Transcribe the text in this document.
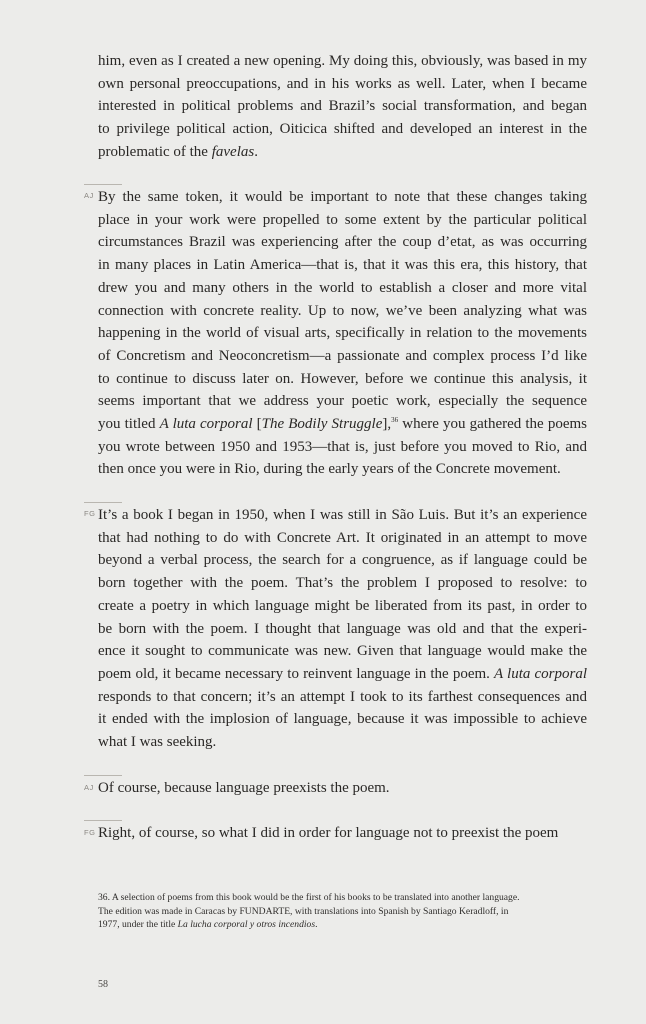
him, even as I created a new opening. My doing this, obviously, was based in my
own personal preoccupations, and in his works as well. Later, when I became
interested in political problems and Brazil’s social transformation, and began
to privilege political action, Oiticica shifted and developed an interest in the
problematic of the favelas.
AJ By the same token, it would be important to note that these changes taking
place in your work were propelled to some extent by the particular political
circumstances Brazil was experiencing after the coup d’etat, as was occurring
in many places in Latin America—that is, that it was this era, this history, that
drew you and many others in the world to establish a closer and more vital
connection with concrete reality. Up to now, we’ve been analyzing what was
happening in the world of visual arts, specifically in relation to the movements
of Concretism and Neoconcretism—a passionate and complex process I’d like
to continue to discuss later on. However, before we continue this analysis, it
seems important that we address your poetic work, especially the sequence
you titled A luta corporal [The Bodily Struggle],$^{36}$ where you gathered the poems
you wrote between 1950 and 1953—that is, just before you moved to Rio, and
then once you were in Rio, during the early years of the Concrete movement.
FG It’s a book I began in 1950, when I was still in São Luis. But it’s an experience
that had nothing to do with Concrete Art. It originated in an attempt to move
beyond a verbal process, the search for a congruence, as if language could be
born together with the poem. That’s the problem I proposed to resolve: to
create a poetry in which language might be liberated from its past, in order to
be born with the poem. I thought that language was old and that the experi-
ence it sought to communicate was new. Given that language would make the
poem old, it became necessary to reinvent language in the poem. A luta corporal
responds to that concern; it’s an attempt I took to its farthest consequences and
it ended with the implosion of language, because it was impossible to achieve
what I was seeking.
AJ Of course, because language preexists the poem.
FG Right, of course, so what I did in order for language not to preexist the poem
36. A selection of poems from this book would be the first of his books to be translated into another language.
The edition was made in Caracas by FUNDARTE, with translations into Spanish by Santiago Keradloff, in
1977, under the title La lucha corporal y otros incendios.
58
